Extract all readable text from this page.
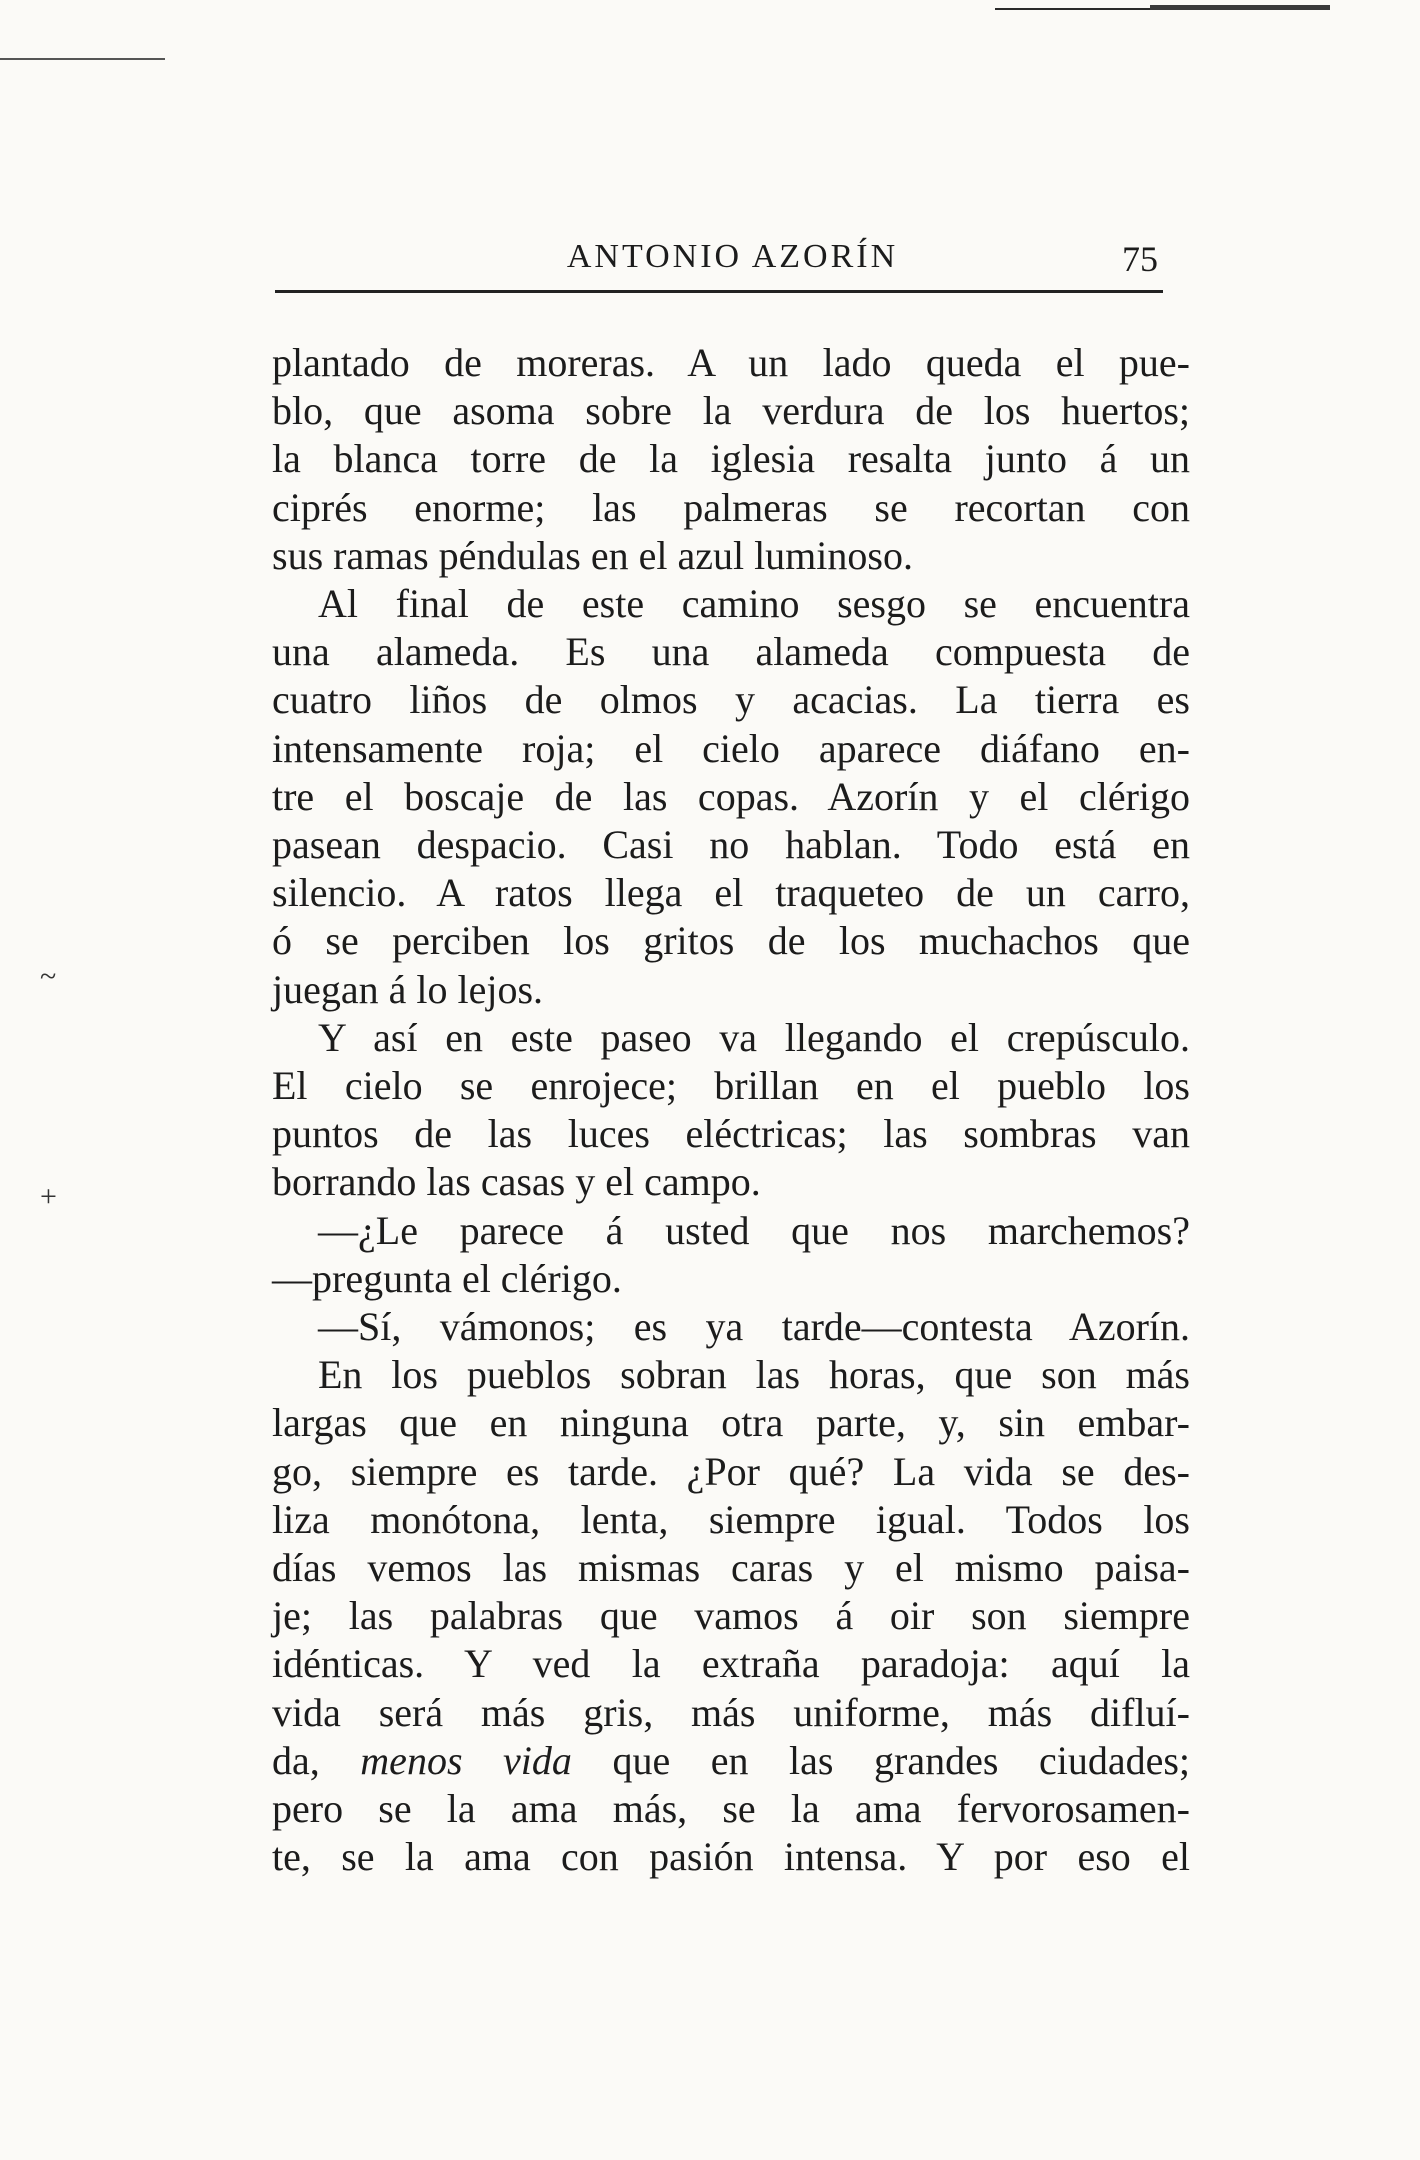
ANTONIO AZORÍN	75
~
+

plantado de moreras. A un lado queda el pue-
blo, que asoma sobre la verdura de los huertos;
la blanca torre de la iglesia resalta junto á un
ciprés enorme; las palmeras se recortan con
sus ramas péndulas en el azul luminoso.

Al final de este camino sesgo se encuentra
una alameda. Es una alameda compuesta de
cuatro liños de olmos y acacias. La tierra es
intensamente roja; el cielo aparece diáfano en-
tre el boscaje de las copas. Azorín y el clérigo
pasean despacio. Casi no hablan. Todo está en
silencio. A ratos llega el traqueteo de un carro,
ó se perciben los gritos de los muchachos que
juegan á lo lejos.

Y así en este paseo va llegando el crepúsculo.
El cielo se enrojece; brillan en el pueblo los
puntos de las luces eléctricas; las sombras van
borrando las casas y el campo.

—¿Le parece á usted que nos marchemos?
—pregunta el clérigo.

—Sí, vámonos; es ya tarde—contesta Azorín.

En los pueblos sobran las horas, que son más
largas que en ninguna otra parte, y, sin embar-
go, siempre es tarde. ¿Por qué? La vida se des-
liza monótona, lenta, siempre igual. Todos los
días vemos las mismas caras y el mismo paisa-
je; las palabras que vamos á oir son siempre
idénticas. Y ved la extraña paradoja: aquí la
vida será más gris, más uniforme, más difluí-
da, menos vida que en las grandes ciudades;
pero se la ama más, se la ama fervorosamen-
te, se la ama con pasión intensa. Y por eso el
